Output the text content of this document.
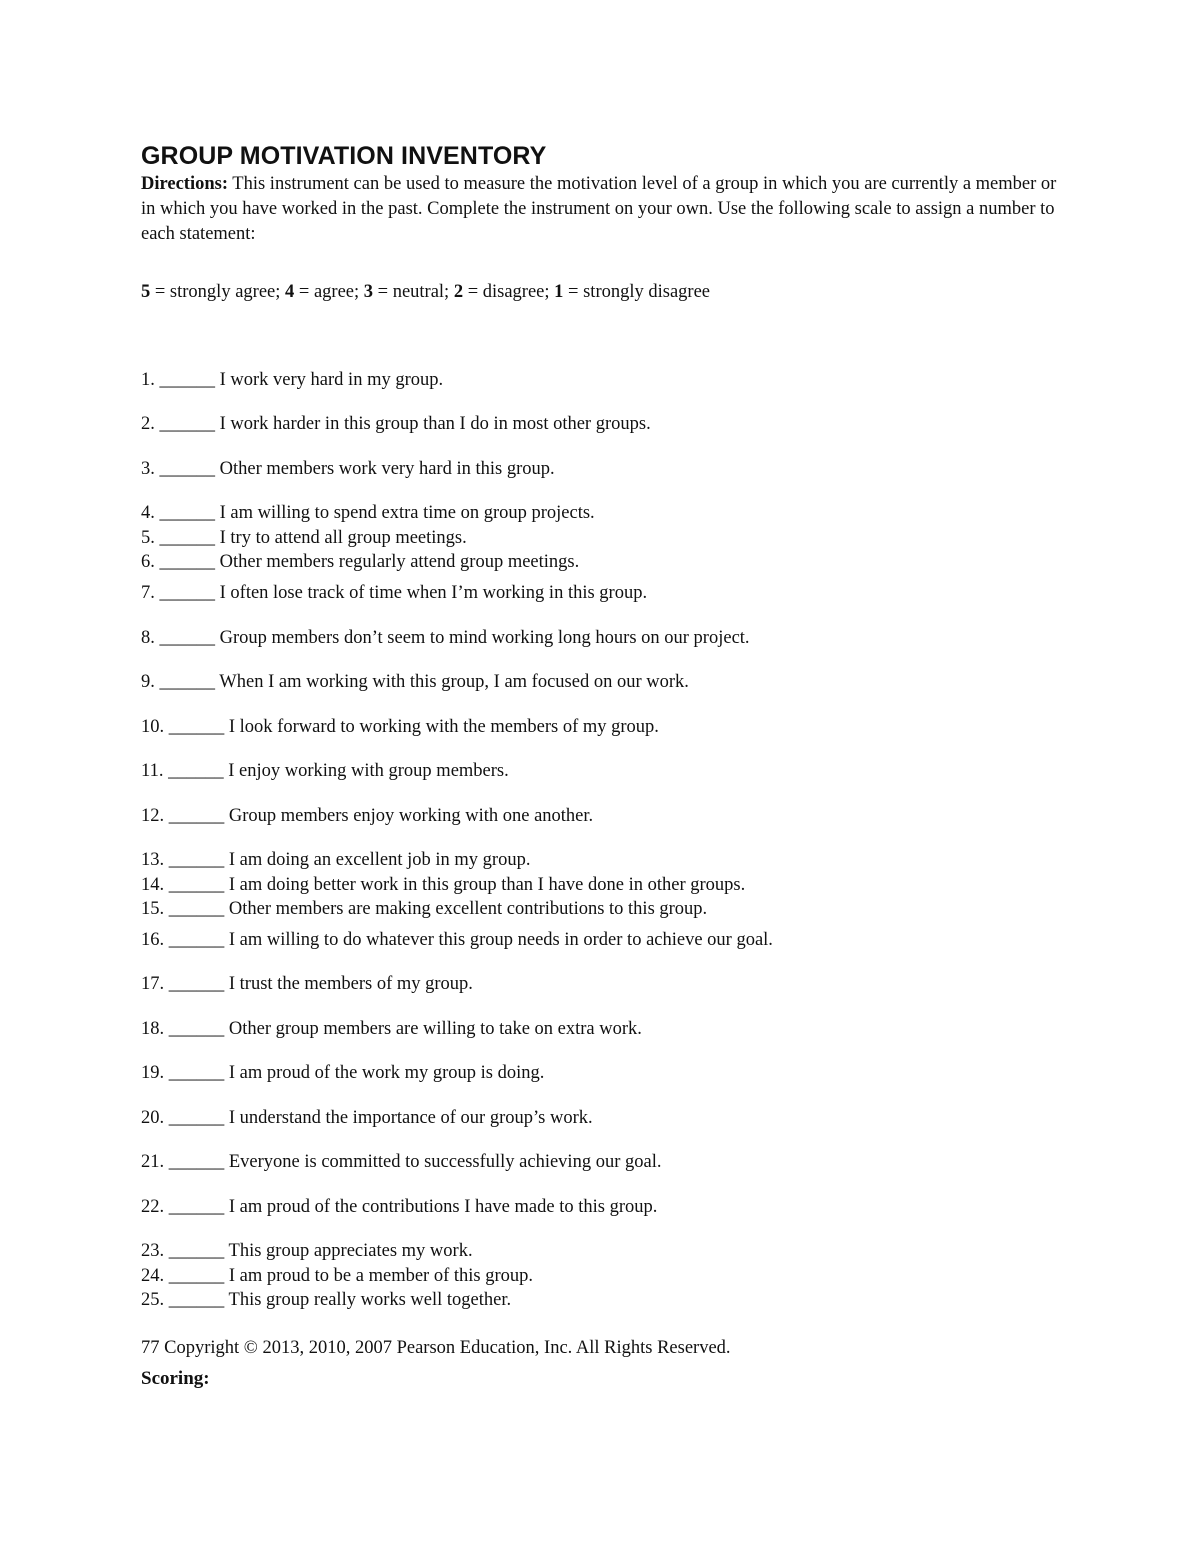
GROUP MOTIVATION INVENTORY

Directions: This instrument can be used to measure the motivation level of a group in which you are currently a member or in which you have worked in the past. Complete the instrument on your own. Use the following scale to assign a number to each statement:

5 = strongly agree; 4 = agree; 3 = neutral; 2 = disagree; 1 = strongly disagree

1. ______ I work very hard in my group.
2. ______ I work harder in this group than I do in most other groups.
3. ______ Other members work very hard in this group.
4. ______ I am willing to spend extra time on group projects.
5. ______ I try to attend all group meetings.
6. ______ Other members regularly attend group meetings.
7. ______ I often lose track of time when I’m working in this group.
8. ______ Group members don’t seem to mind working long hours on our project.
9. ______ When I am working with this group, I am focused on our work.
10. ______ I look forward to working with the members of my group.
11. ______ I enjoy working with group members.
12. ______ Group members enjoy working with one another.
13. ______ I am doing an excellent job in my group.
14. ______ I am doing better work in this group than I have done in other groups.
15. ______ Other members are making excellent contributions to this group.
16. ______ I am willing to do whatever this group needs in order to achieve our goal.
17. ______ I trust the members of my group.
18. ______ Other group members are willing to take on extra work.
19. ______ I am proud of the work my group is doing.
20. ______ I understand the importance of our group’s work.
21. ______ Everyone is committed to successfully achieving our goal.
22. ______ I am proud of the contributions I have made to this group.
23. ______ This group appreciates my work.
24. ______ I am proud to be a member of this group.
25. ______ This group really works well together.
77 Copyright © 2013, 2010, 2007 Pearson Education, Inc. All Rights Reserved.
Scoring:
